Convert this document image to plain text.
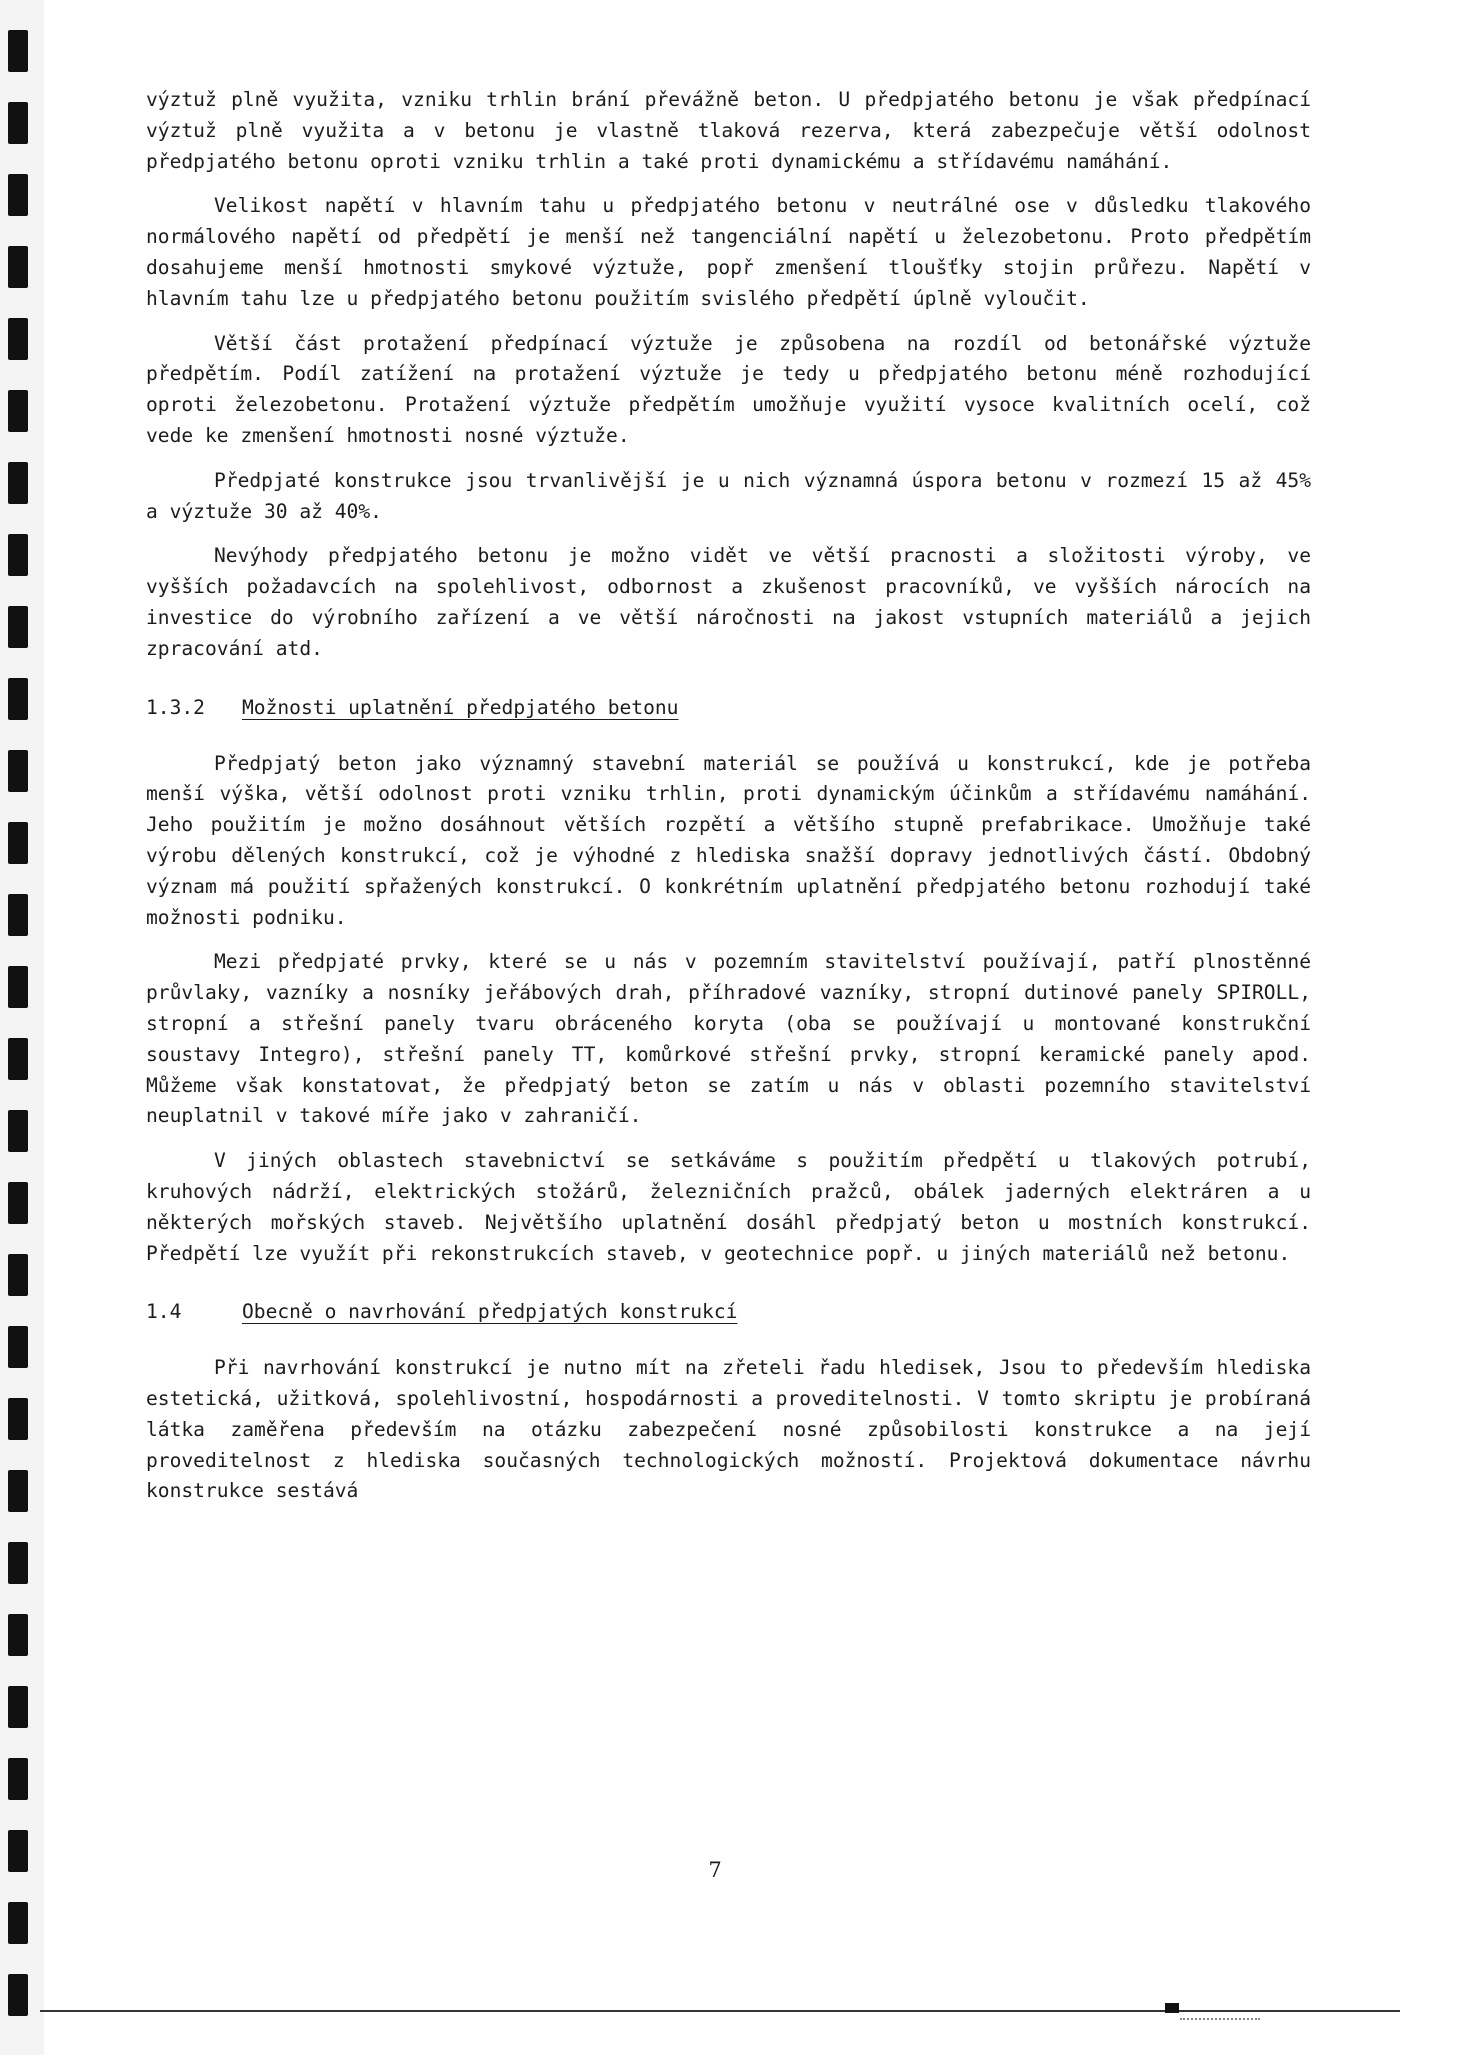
výztuž plně využita, vzniku trhlin brání převážně beton. U předpjatého betonu je však předpínací výztuž plně využita a v betonu je vlastně tlaková rezerva, která zabezpečuje větší odolnost předpjatého betonu oproti vzniku trhlin a také proti dynamickému a střídavému namáhání.

Velikost napětí v hlavním tahu u předpjatého betonu v neutrálné ose v důsledku tlakového normálového napětí od předpětí je menší než tangenciální napětí u železobetonu. Proto předpětím dosahujeme menší hmotnosti smykové výztuže, popř zmenšení tloušťky stojin průřezu. Napětí v hlavním tahu lze u předpjatého betonu použitím svislého předpětí úplně vyloučit.

Větší část protažení předpínací výztuže je způsobena na rozdíl od betonářské výztuže předpětím. Podíl zatížení na protažení výztuže je tedy u předpjatého betonu méně rozhodující oproti železobetonu. Protažení výztuže předpětím umožňuje využití vysoce kvalitních ocelí, což vede ke zmenšení hmotnosti nosné výztuže.

Předpjaté konstrukce jsou trvanlivější je u nich významná úspora betonu v rozmezí 15 až 45% a výztuže 30 až 40%.

Nevýhody předpjatého betonu je možno vidět ve větší pracnosti a složitosti výroby, ve vyšších požadavcích na spolehlivost, odbornost a zkušenost pracovníků, ve vyšších nárocích na investice do výrobního zařízení a ve větší náročnosti na jakost vstupních materiálů a jejich zpracování atd.

1.3.2 Možnosti uplatnění předpjatého betonu

Předpjatý beton jako významný stavební materiál se používá u konstrukcí, kde je potřeba menší výška, větší odolnost proti vzniku trhlin, proti dynamickým účinkům a střídavému namáhání. Jeho použitím je možno dosáhnout větších rozpětí a většího stupně prefabrikace. Umožňuje také výrobu dělených konstrukcí, což je výhodné z hlediska snažší dopravy jednotlivých částí. Obdobný význam má použití spřažených konstrukcí. O konkrétním uplatnění předpjatého betonu rozhodují také možnosti podniku.

Mezi předpjaté prvky, které se u nás v pozemním stavitelství používají, patří plnostěnné průvlaky, vazníky a nosníky jeřábových drah, příhradové vazníky, stropní dutinové panely SPIROLL, stropní a střešní panely tvaru obráceného koryta (oba se používají u montované konstrukční soustavy Integro), střešní panely TT, komůrkové střešní prvky, stropní keramické panely apod. Můžeme však konstatovat, že předpjatý beton se zatím u nás v oblasti pozemního stavitelství neuplatnil v takové míře jako v zahraničí.

V jiných oblastech stavebnictví se setkáváme s použitím předpětí u tlakových potrubí, kruhových nádrží, elektrických stožárů, železničních pražců, obálek jaderných elektráren a u některých mořských staveb. Největšího uplatnění dosáhl předpjatý beton u mostních konstrukcí. Předpětí lze využít při rekonstrukcích staveb, v geotechnice popř. u jiných materiálů než betonu.

1.4	Obecně o navrhování předpjatých konstrukcí

Při navrhování konstrukcí je nutno mít na zřeteli řadu hledisek, Jsou to především hlediska estetická, užitková, spolehlivostní, hospodárnosti a proveditelnosti. V tomto skriptu je probíraná látka zaměřena především na otázku zabezpečení nosné způsobilosti konstrukce a na její proveditelnost z hlediska současných technologických možností. Projektová dokumentace návrhu konstrukce sestává

7
